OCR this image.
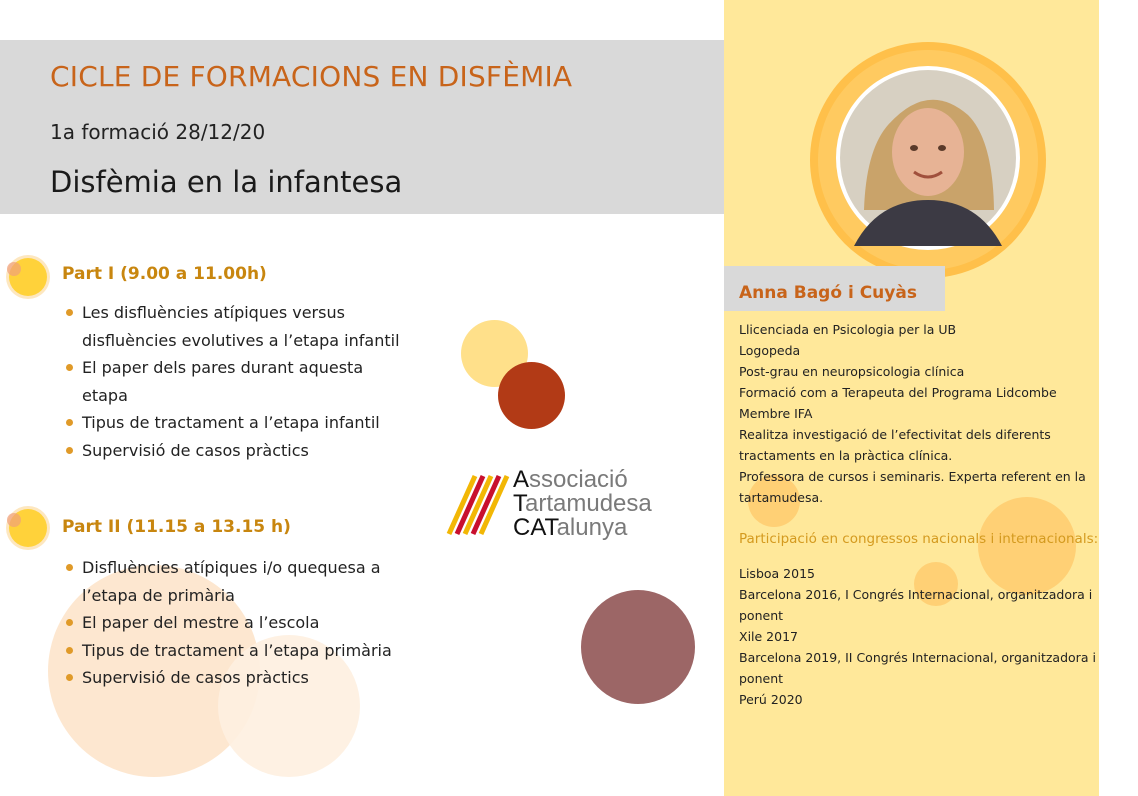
CICLE DE FORMACIONS EN DISFÈMIA
1a formació 28/12/20
Disfèmia en la infantesa
Part I (9.00 a 11.00h)
Les disfluències atípiques versus disfluències evolutives a l’etapa infantil
El paper dels pares durant aquesta etapa
Tipus de tractament a l’etapa infantil
Supervisió de casos pràctics
Part II (11.15 a 13.15 h)
Disfluències atípiques i/o quequesa a l’etapa de primària
El paper del mestre a l’escola
Tipus de tractament a l’etapa primària
Supervisió de casos pràctics
Associació
Tartamudesa
CATalunya
Anna Bagó i Cuyàs
Llicenciada en Psicologia per la UB
Logopeda
Post-grau en neuropsicologia clínica
Formació com a Terapeuta del Programa Lidcombe
Membre IFA
Realitza investigació de l’efectivitat dels diferents tractaments en la pràctica clínica.
Professora de cursos i seminaris. Experta referent en la tartamudesa.
Participació en congressos nacionals i internacionals:
Lisboa 2015
Barcelona 2016, I Congrés Internacional, organitzadora i ponent
Xile 2017
Barcelona 2019, II Congrés Internacional, organitzadora i ponent
Perú 2020
